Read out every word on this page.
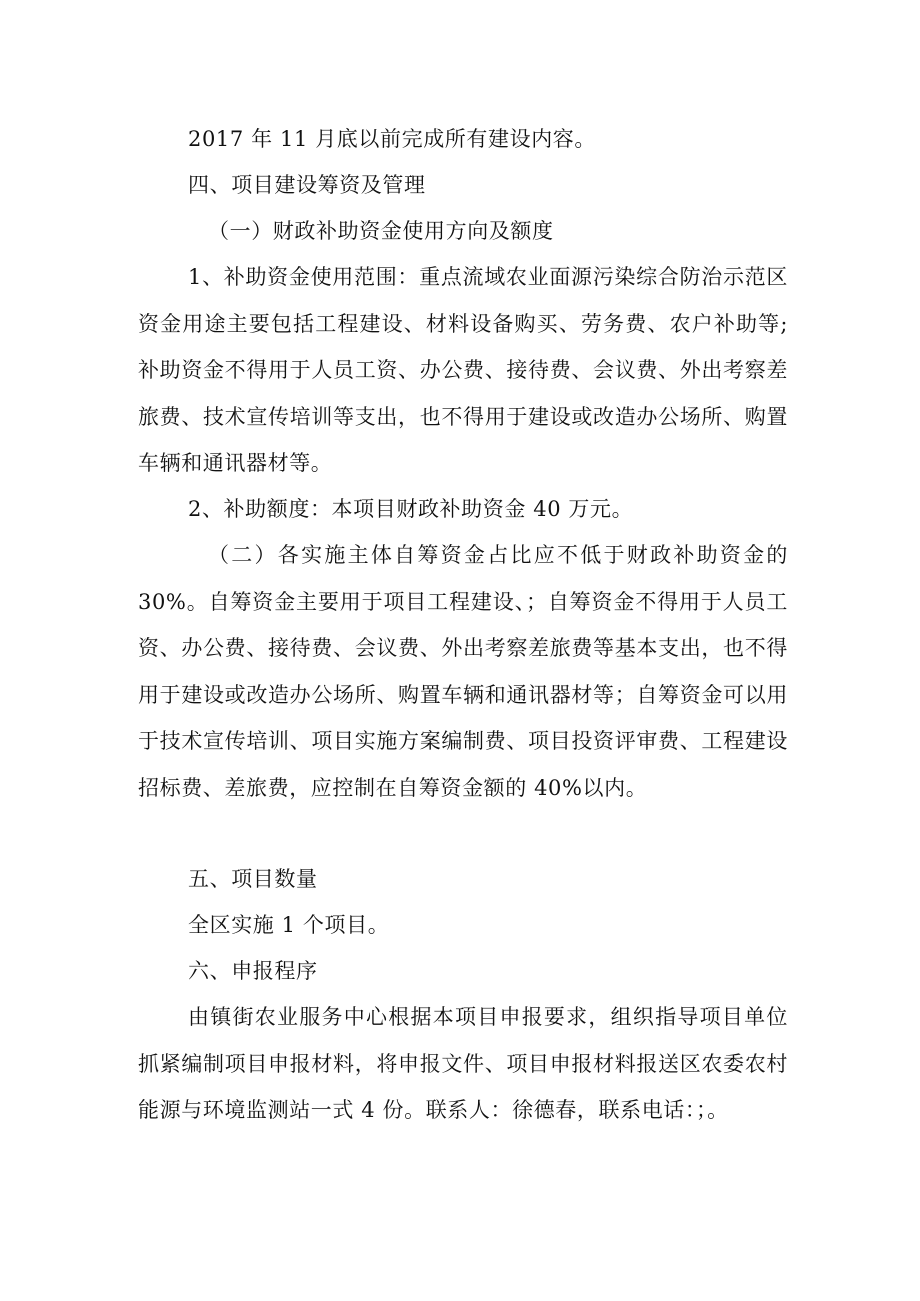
2017 年 11 月底以前完成所有建设内容。

四、项目建设筹资及管理

（一）财政补助资金使用方向及额度

1、补助资金使用范围：重点流域农业面源污染综合防治示范区资金用途主要包括工程建设、材料设备购买、劳务费、农户补助等; 补助资金不得用于人员工资、办公费、接待费、会议费、外出考察差旅费、技术宣传培训等支出，也不得用于建设或改造办公场所、购置车辆和通讯器材等。

2、补助额度：本项目财政补助资金 40 万元。

（二）各实施主体自筹资金占比应不低于财政补助资金的 30%。自筹资金主要用于项目工程建设、；自筹资金不得用于人员工资、办公费、接待费、会议费、外出考察差旅费等基本支出，也不得用于建设或改造办公场所、购置车辆和通讯器材等；自筹资金可以用于技术宣传培训、项目实施方案编制费、项目投资评审费、工程建设招标费、差旅费，应控制在自筹资金额的 40%以内。

五、项目数量

全区实施 1 个项目。

六、申报程序

由镇街农业服务中心根据本项目申报要求，组织指导项目单位抓紧编制项目申报材料，将申报文件、项目申报材料报送区农委农村能源与环境监测站一式 4 份。联系人：徐德春，联系电话：；。
